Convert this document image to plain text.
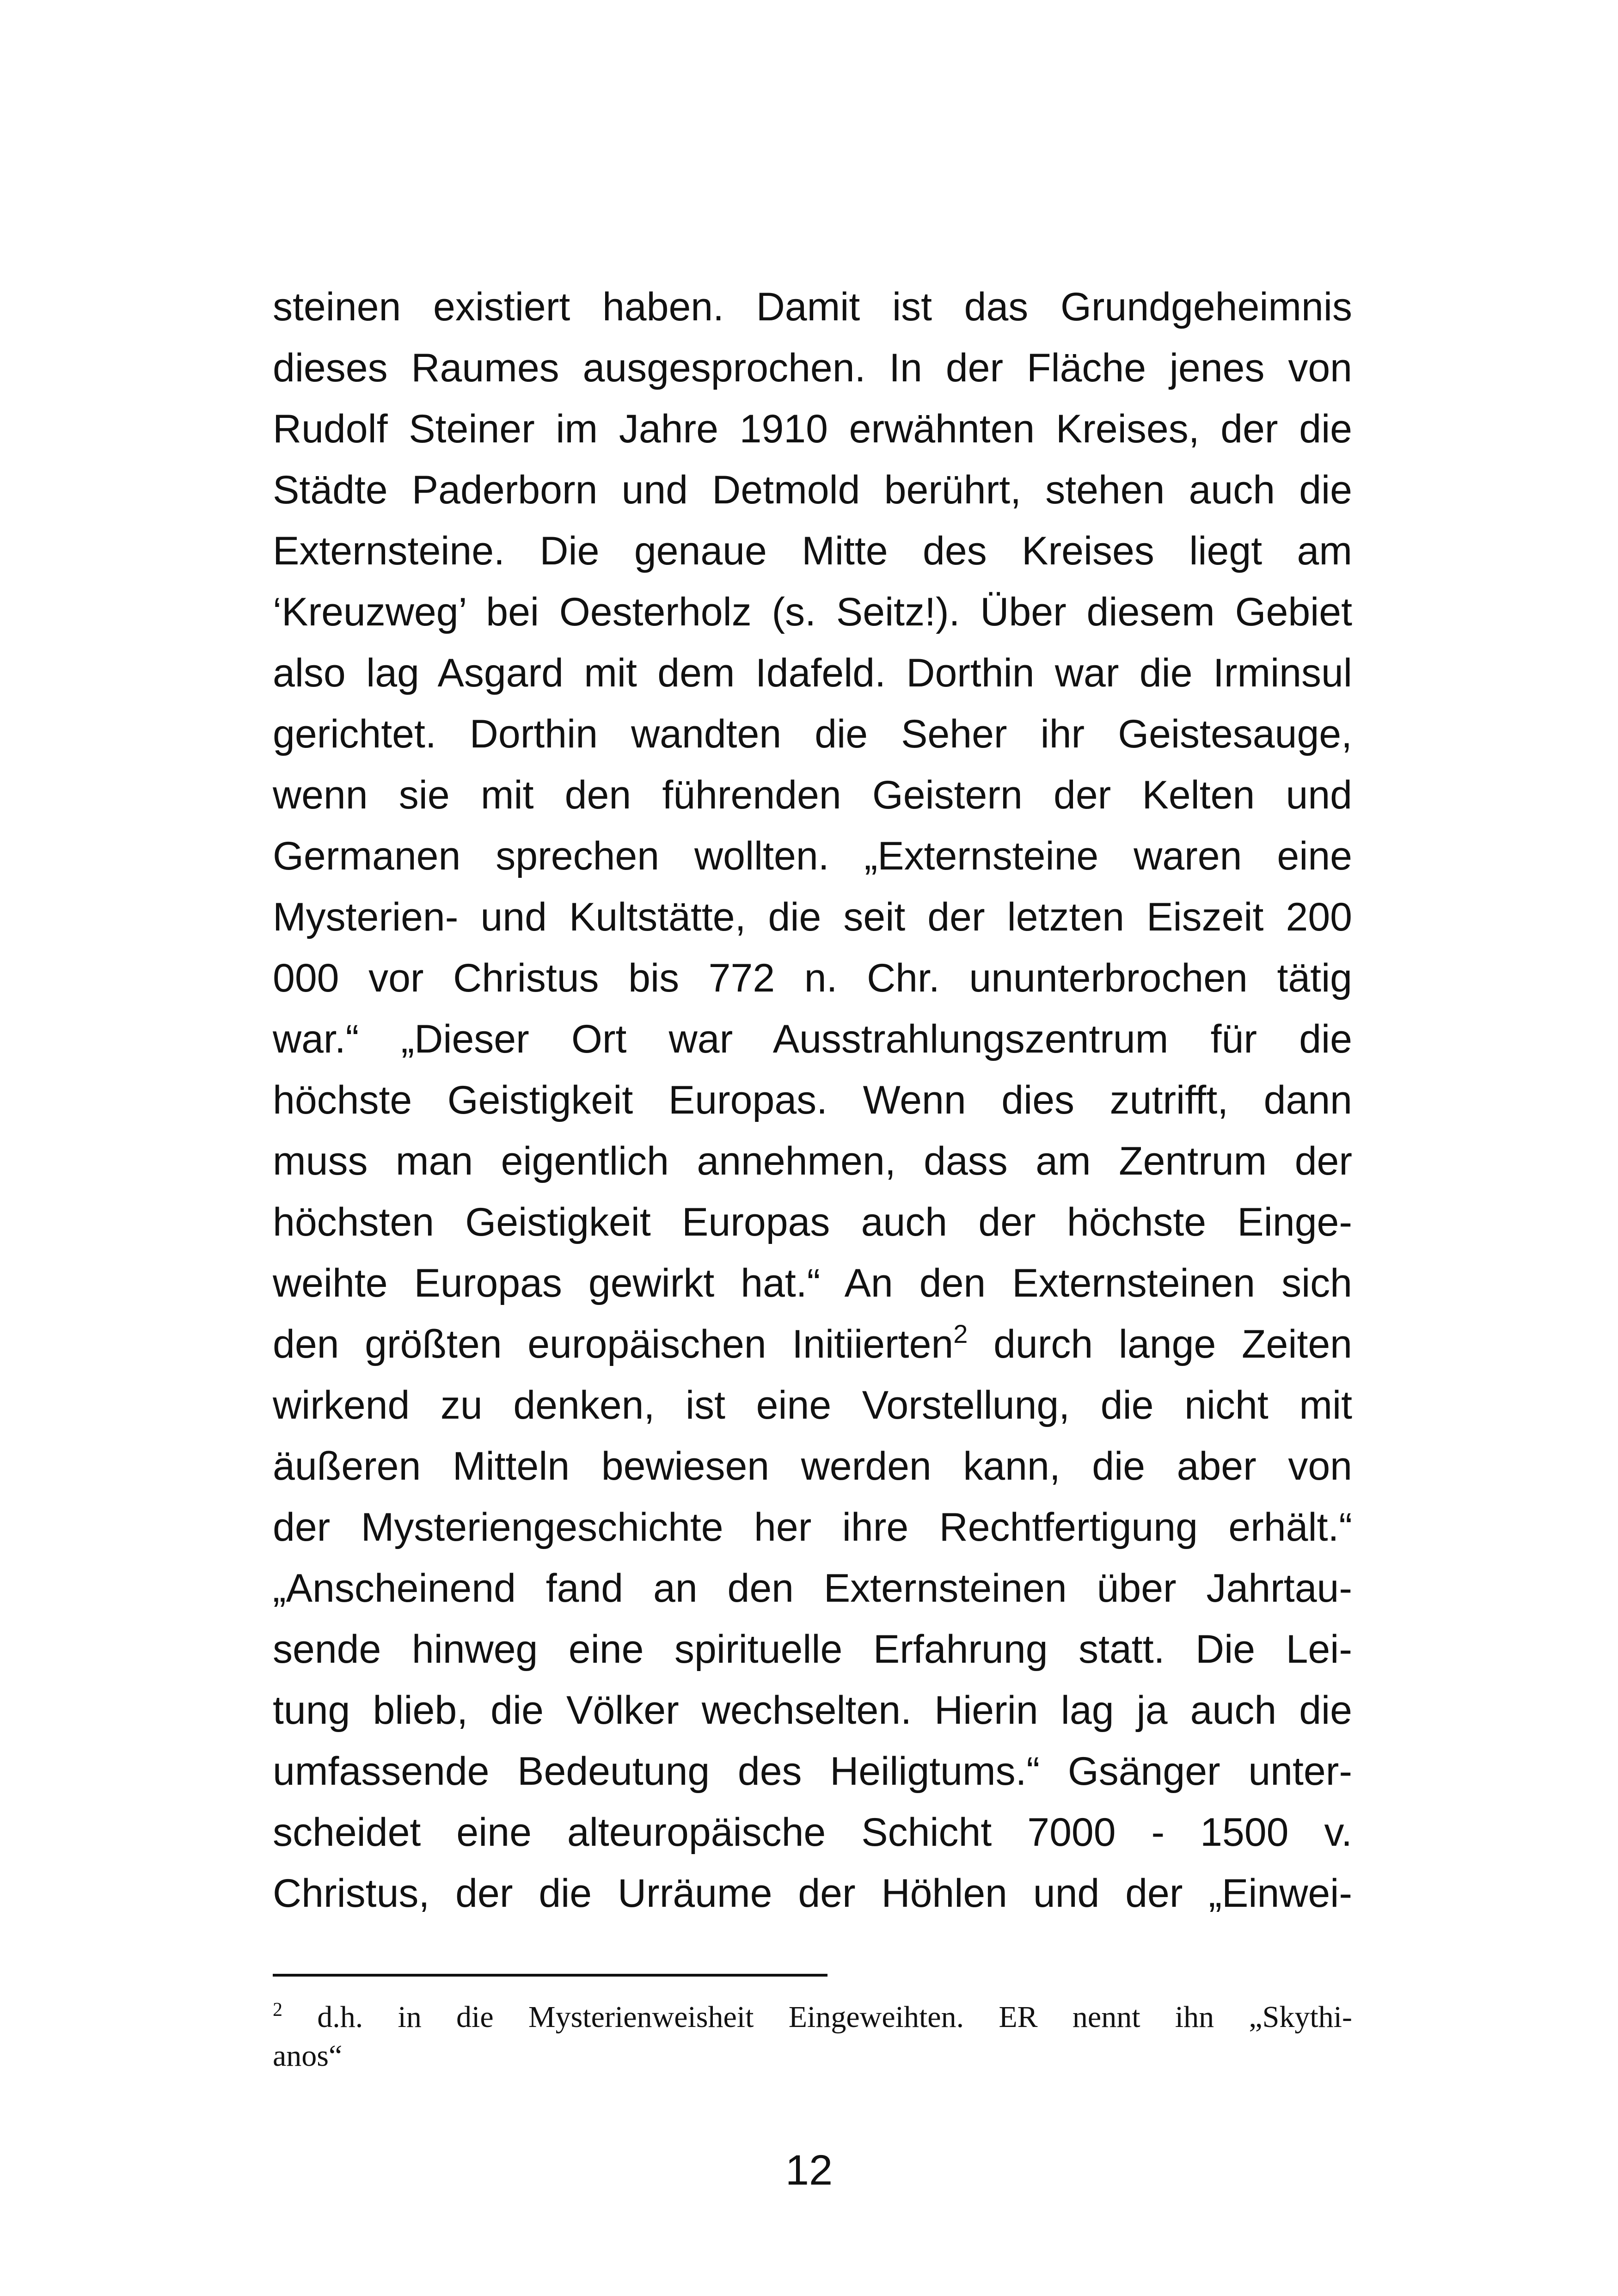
steinen existiert haben. Damit ist das Grundgeheimnis
dieses Raumes ausgesprochen. In der Fläche jenes von
Rudolf Steiner im Jahre 1910 erwähnten Kreises, der die
Städte Paderborn und Detmold berührt, stehen auch die
Externsteine. Die genaue Mitte des Kreises liegt am
‘Kreuzweg’ bei Oesterholz (s. Seitz!). Über diesem Gebiet
also lag Asgard mit dem Idafeld. Dorthin war die Irminsul
gerichtet. Dorthin wandten die Seher ihr Geistesauge,
wenn sie mit den führenden Geistern der Kelten und
Germanen sprechen wollten. „Externsteine waren eine
Mysterien- und Kultstätte, die seit der letzten Eiszeit 200
000 vor Christus bis 772 n. Chr. ununterbrochen tätig
war.“ „Dieser Ort war Ausstrahlungszentrum für die
höchste Geistigkeit Europas. Wenn dies zutrifft, dann
muss man eigentlich annehmen, dass am Zentrum der
höchsten Geistigkeit Europas auch der höchste Einge-
weihte Europas gewirkt hat.“ An den Externsteinen sich
den größten europäischen Initiierten$^2$ durch lange Zeiten
wirkend zu denken, ist eine Vorstellung, die nicht mit
äußeren Mitteln bewiesen werden kann, die aber von
der Mysteriengeschichte her ihre Rechtfertigung erhält.“
„Anscheinend fand an den Externsteinen über Jahrtau-
sende hinweg eine spirituelle Erfahrung statt. Die Lei-
tung blieb, die Völker wechselten. Hierin lag ja auch die
umfassende Bedeutung des Heiligtums.“ Gsänger unter-
scheidet eine alteuropäische Schicht 7000 - 1500 v.
Christus, der die Urräume der Höhlen und der „Einwei-
$^2$ d.h. in die Mysterienweisheit Eingeweihten. ER nennt ihn „Skythi-
anos“
12
